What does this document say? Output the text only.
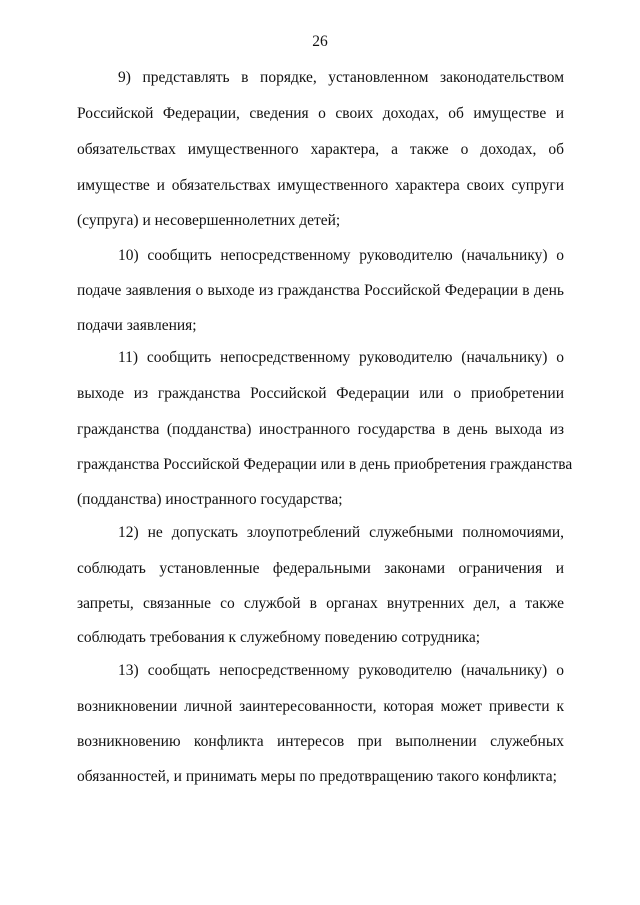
26
9) представлять в порядке, установленном законодательством
Российской Федерации, сведения о своих доходах, об имуществе и
обязательствах имущественного характера, а также о доходах, об
имуществе и обязательствах имущественного характера своих супруги
(супруга) и несовершеннолетних детей;
10) сообщить непосредственному руководителю (начальнику) о
подаче заявления о выходе из гражданства Российской Федерации в день
подачи заявления;
11) сообщить непосредственному руководителю (начальнику) о
выходе из гражданства Российской Федерации или о приобретении
гражданства (подданства) иностранного государства в день выхода из
гражданства Российской Федерации или в день приобретения гражданства
(подданства) иностранного государства;
12) не допускать злоупотреблений служебными полномочиями,
соблюдать установленные федеральными законами ограничения и
запреты, связанные со службой в органах внутренних дел, а также
соблюдать требования к служебному поведению сотрудника;
13) сообщать непосредственному руководителю (начальнику) о
возникновении личной заинтересованности, которая может привести к
возникновению конфликта интересов при выполнении служебных
обязанностей, и принимать меры по предотвращению такого конфликта;
